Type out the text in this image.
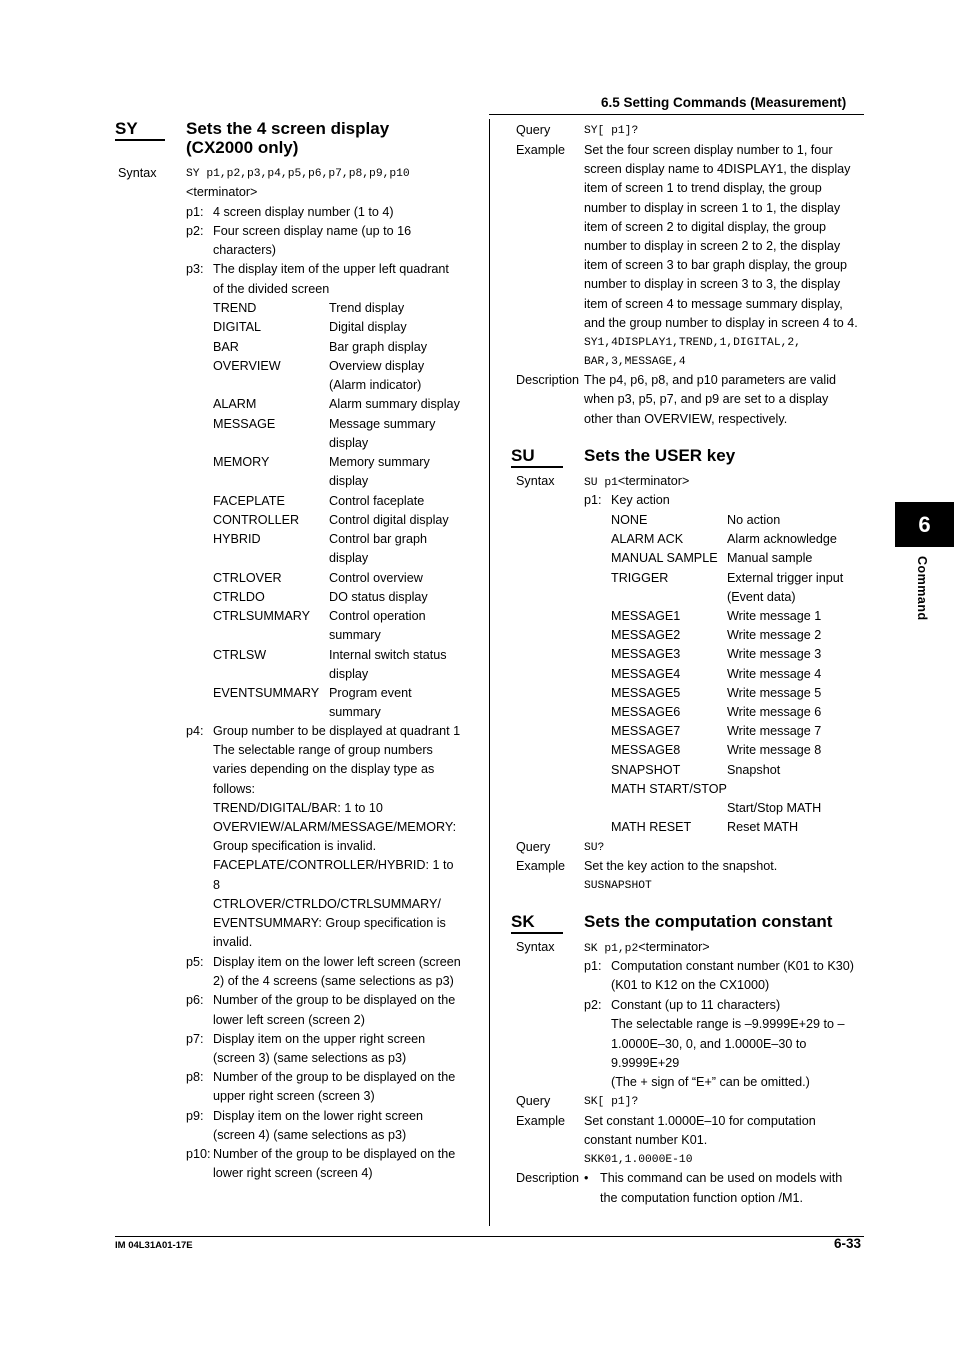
6.5 Setting Commands (Measurement)
6
Command
SY	Sets the 4 screen display
(CX2000 only)
Syntax	SY p1,p2,p3,p4,p5,p6,p7,p8,p9,p10
<terminator>
p1: 4 screen display number (1 to 4)
p2: Four screen display name (up to 16
characters)
p3: The display item of the upper left quadrant
of the divided screen
TREND	Trend display
DIGITAL	Digital display
BAR	Bar graph display
OVERVIEW	Overview display
(Alarm indicator)
ALARM	Alarm summary display
MESSAGE	Message summary
display
MEMORY	Memory summary
display
FACEPLATE	Control faceplate
CONTROLLER Control digital display
HYBRID	Control bar graph
display
CTRLOVER	Control overview
CTRLDO	DO status display
CTRLSUMMARY Control operation
summary
CTRLSW	Internal switch status
display
EVENTSUMMARY Program event
summary
p4: Group number to be displayed at quadrant 1
The selectable range of group numbers
varies depending on the display type as
follows:
TREND/DIGITAL/BAR: 1 to 10
OVERVIEW/ALARM/MESSAGE/MEMORY:
Group specification is invalid.
FACEPLATE/CONTROLLER/HYBRID: 1 to
8
CTRLOVER/CTRLDO/CTRLSUMMARY/
EVENTSUMMARY: Group specification is
invalid.
p5: Display item on the lower left screen (screen
2) of the 4 screens (same selections as p3)
p6: Number of the group to be displayed on the
lower left screen (screen 2)
p7: Display item on the upper right screen
(screen 3) (same selections as p3)
p8: Number of the group to be displayed on the
upper right screen (screen 3)
p9: Display item on the lower right screen
(screen 4) (same selections as p3)
p10: Number of the group to be displayed on the
lower right screen (screen 4)
Query	SY[ p1]?
Example Set the four screen display number to 1, four
screen display name to 4DISPLAY1, the display
item of screen 1 to trend display, the group
number to display in screen 1 to 1, the display
item of screen 2 to digital display, the group
number to display in screen 2 to 2, the display
item of screen 3 to bar graph display, the group
number to display in screen 3 to 3, the display
item of screen 4 to message summary display,
and the group number to display in screen 4 to 4.
SY1,4DISPLAY1,TREND,1,DIGITAL,2,
BAR,3,MESSAGE,4
Description The p4, p6, p8, and p10 parameters are valid
when p3, p5, p7, and p9 are set to a display
other than OVERVIEW, respectively.
SU	Sets the USER key
Syntax	SU p1<terminator>
p1: Key action
NONE	No action
ALARM ACK	Alarm acknowledge
MANUAL SAMPLE Manual sample
TRIGGER	External trigger input
(Event data)
MESSAGE1	Write message 1
MESSAGE2	Write message 2
MESSAGE3	Write message 3
MESSAGE4	Write message 4
MESSAGE5	Write message 5
MESSAGE6	Write message 6
MESSAGE7	Write message 7
MESSAGE8	Write message 8
SNAPSHOT	Snapshot
MATH START/STOP
Start/Stop MATH
MATH RESET	Reset MATH
Query	SU?
Example Set the key action to the snapshot.
SUSNAPSHOT
SK	Sets the computation constant
Syntax	SK p1,p2<terminator>
p1: Computation constant number (K01 to K30)
(K01 to K12 on the CX1000)
p2: Constant (up to 11 characters)
The selectable range is –9.9999E+29 to –
1.0000E–30, 0, and 1.0000E–30 to
9.9999E+29
(The + sign of “E+” can be omitted.)
Query	SK[ p1]?
Example Set constant 1.0000E–10 for computation
constant number K01.
SKK01,1.0000E-10
Description • This command can be used on models with
the computation function option /M1.
IM 04L31A01-17E	6-33
